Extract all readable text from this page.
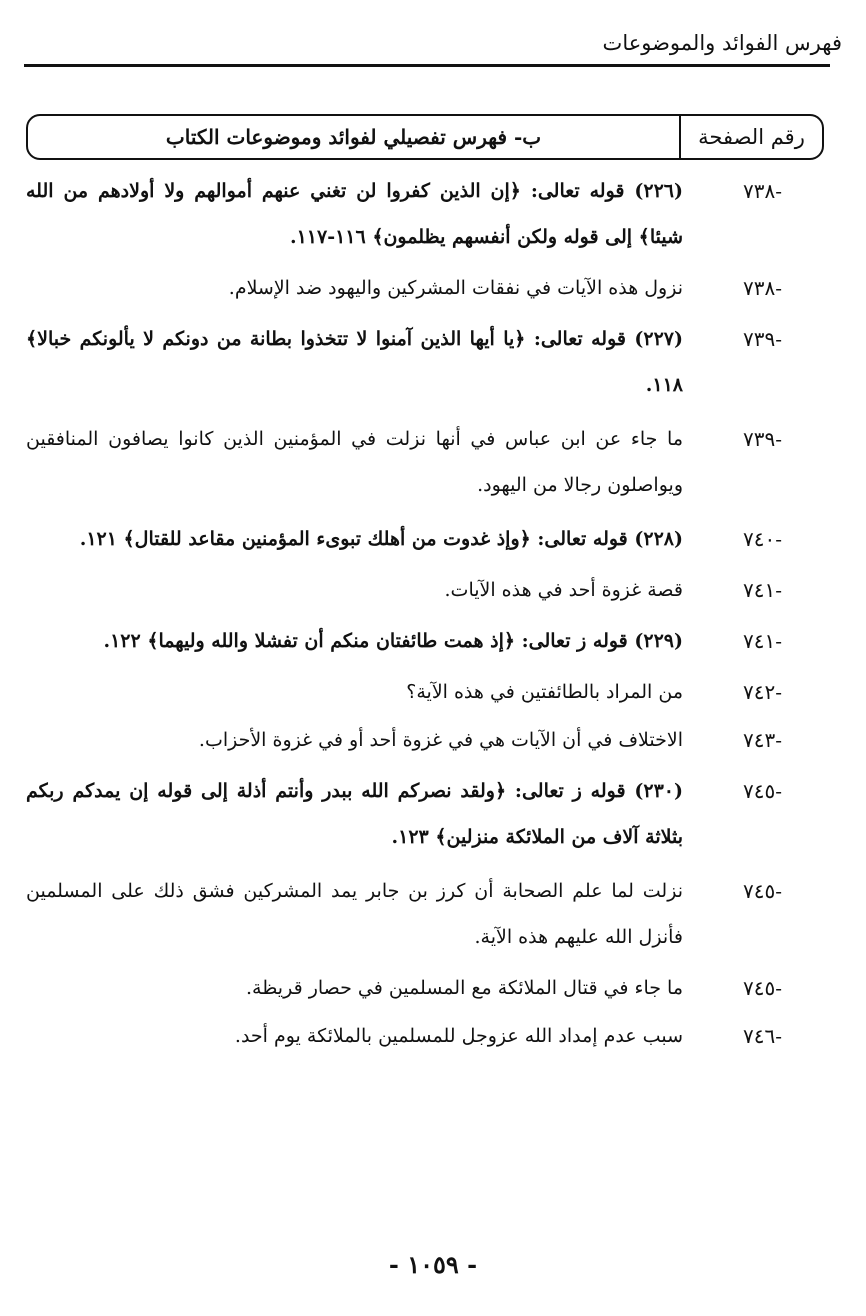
فهرس الفوائد والموضوعات
رقم الصفحة
ب- فهرس تفصيلي لفوائد وموضوعات الكتاب
-٧٣٨
(٢٢٦) قوله تعالى: ﴿إن الذين كفروا لن تغني عنهم أموالهم ولا أولادهم من الله شيئا﴾ إلى قوله ولكن أنفسهم يظلمون﴾ ١١٦-١١٧.
-٧٣٨
نزول هذه الآيات في نفقات المشركين واليهود ضد الإسلام.
-٧٣٩
(٢٢٧) قوله تعالى: ﴿يا أيها الذين آمنوا لا تتخذوا بطانة من دونكم لا يألونكم خبالا﴾ ١١٨.
-٧٣٩
ما جاء عن ابن عباس في أنها نزلت في المؤمنين الذين كانوا يصافون المنافقين ويواصلون رجالا من اليهود.
-٧٤٠
(٢٢٨) قوله تعالى: ﴿وإذ غدوت من أهلك تبوىء المؤمنين مقاعد للقتال﴾ ١٢١.
-٧٤١
قصة غزوة أحد في هذه الآيات.
-٧٤١
(٢٢٩) قوله ز تعالى: ﴿إذ همت طائفتان منكم أن تفشلا والله وليهما﴾ ١٢٢.
-٧٤٢
من المراد بالطائفتين في هذه الآية؟
-٧٤٣
الاختلاف في أن الآيات هي في غزوة أحد أو في غزوة الأحزاب.
-٧٤٥
(٢٣٠) قوله ز تعالى: ﴿ولقد نصركم الله ببدر وأنتم أذلة إلى قوله إن يمدكم ربكم بثلاثة آلاف من الملائكة منزلين﴾ ١٢٣.
-٧٤٥
نزلت لما علم الصحابة أن كرز بن جابر يمد المشركين فشق ذلك على المسلمين فأنزل الله عليهم هذه الآية.
-٧٤٥
ما جاء في قتال الملائكة مع المسلمين في حصار قريظة.
-٧٤٦
سبب عدم إمداد الله عزوجل للمسلمين بالملائكة يوم أحد.
- ١٠٥٩ -
